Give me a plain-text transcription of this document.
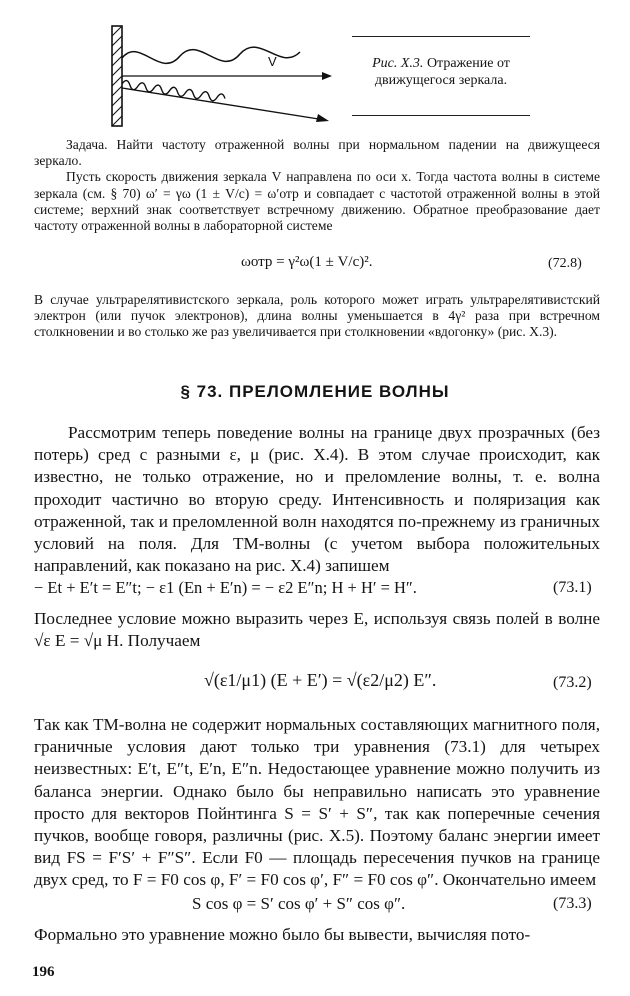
V	Рис. X.3. Отражение от движущегося зеркала.

Задача. Найти частоту отраженной волны при нормальном падении на движущееся зеркало.

Пусть скорость движения зеркала V направлена по оси x. Тогда частота волны в системе зеркала (см. § 70) ω′ = γω (1 ± V/c) = ω′отр и совпадает с частотой отраженной волны в этой системе; верхний знак соответствует встречному движению. Обратное преобразование дает частоту отраженной волны в лабораторной системе

ωотр = γ²ω(1 ± V/c)².	(72.8)

В случае ультрарелятивистского зеркала, роль которого может играть ультрарелятивистский электрон (или пучок электронов), длина волны уменьшается в 4γ² раза при встречном столкновении и во столько же раз увеличивается при столкновении «вдогонку» (рис. X.3).

§ 73. ПРЕЛОМЛЕНИЕ ВОЛНЫ

Рассмотрим теперь поведение волны на границе двух прозрачных (без потерь) сред с разными ε, μ (рис. X.4). В этом случае происходит, как известно, не только отражение, но и преломление волны, т. е. волна проходит частично во вторую среду. Интенсивность и поляризация как отраженной, так и преломленной волн находятся по-прежнему из граничных условий на поля. Для TM-волны (с учетом выбора положительных направлений, как показано на рис. X.4) запишем

− Et + E′t = E″t; − ε1 (En + E′n) = − ε2 E″n; H + H′ = H″.	(73.1)

Последнее условие можно выразить через E, используя связь полей в волне √ε E = √μ H. Получаем

√(ε1/μ1) (E + E′) = √(ε2/μ2) E″.	(73.2)

Так как TM-волна не содержит нормальных составляющих магнитного поля, граничные условия дают только три уравнения (73.1) для четырех неизвестных: E′t, E″t, E′n, E″n. Недостающее уравнение можно получить из баланса энергии. Однако было бы неправильно написать это уравнение просто для векторов Пойнтинга S = S′ + S″, так как поперечные сечения пучков, вообще говоря, различны (рис. X.5). Поэтому баланс энергии имеет вид FS = F′S′ + F″S″. Если F0 — площадь пересечения пучков на границе двух сред, то F = F0 cos φ, F′ = F0 cos φ′, F″ = F0 cos φ″. Окончательно имеем

S cos φ = S′ cos φ′ + S″ cos φ″.	(73.3)

Формально это уравнение можно было бы вывести, вычисляя пото-

196
